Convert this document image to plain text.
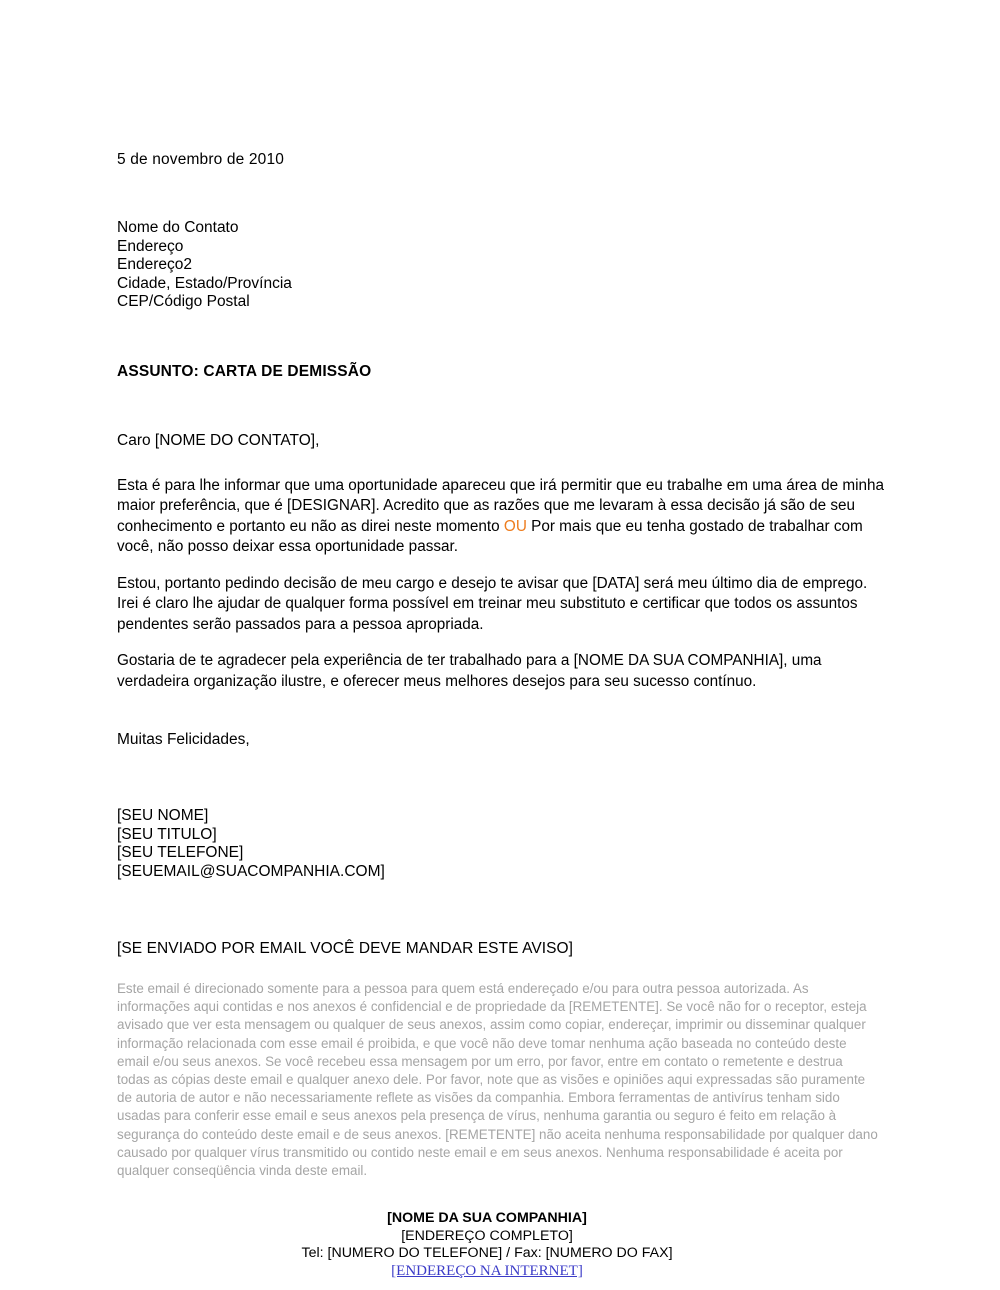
5 de novembro de 2010
Nome do Contato
Endereço
Endereço2
Cidade, Estado/Província
CEP/Código Postal
ASSUNTO: CARTA DE DEMISSÃO
Caro [NOME DO CONTATO],

Esta é para lhe informar que uma oportunidade apareceu que irá permitir que eu trabalhe em uma área de minha maior preferência, que é [DESIGNAR]. Acredito que as razões que me levaram à essa decisão já são de seu conhecimento e portanto eu não as direi neste momento OU Por mais que eu tenha gostado de trabalhar com você, não posso deixar essa oportunidade passar.

Estou, portanto pedindo decisão de meu cargo e desejo te avisar que [DATA] será meu último dia de emprego. Irei é claro lhe ajudar de qualquer forma possível em treinar meu substituto e certificar que todos os assuntos pendentes serão passados para a pessoa apropriada.

Gostaria de te agradecer pela experiência de ter trabalhado para a [NOME DA SUA COMPANHIA], uma verdadeira organização ilustre, e oferecer meus melhores desejos para seu sucesso contínuo.

Muitas Felicidades,
[SEU NOME]
[SEU TITULO]
[SEU TELEFONE]
[SEUEMAIL@SUACOMPANHIA.COM]
[SE ENVIADO POR EMAIL VOCÊ DEVE MANDAR ESTE AVISO]

Este email é direcionado somente para a pessoa para quem está endereçado e/ou para outra pessoa autorizada. As informações aqui contidas e nos anexos é confidencial e de propriedade da [REMETENTE]. Se você não for o receptor, esteja avisado que ver esta mensagem ou qualquer de seus anexos, assim como copiar, endereçar, imprimir ou disseminar qualquer informação relacionada com esse email é proibida, e que você não deve tomar nenhuma ação baseada no conteúdo deste email e/ou seus anexos. Se você recebeu essa mensagem por um erro, por favor, entre em contato o remetente e destrua todas as cópias deste email e qualquer anexo dele. Por favor, note que as visões e opiniões aqui expressadas são puramente de autoria de autor e não necessariamente reflete as visões da companhia. Embora ferramentas de antivírus tenham sido usadas para conferir esse email e seus anexos pela presença de vírus, nenhuma garantia ou seguro é feito em relação à segurança do conteúdo deste email e de seus anexos. [REMETENTE] não aceita nenhuma responsabilidade por qualquer dano causado por qualquer vírus transmitido ou contido neste email e em seus anexos. Nenhuma responsabilidade é aceita por qualquer conseqüência vinda deste email.

[NOME DA SUA COMPANHIA]
[ENDEREÇO COMPLETO]
Tel: [NUMERO DO TELEFONE] / Fax: [NUMERO DO FAX]
[ENDEREÇO NA INTERNET]
